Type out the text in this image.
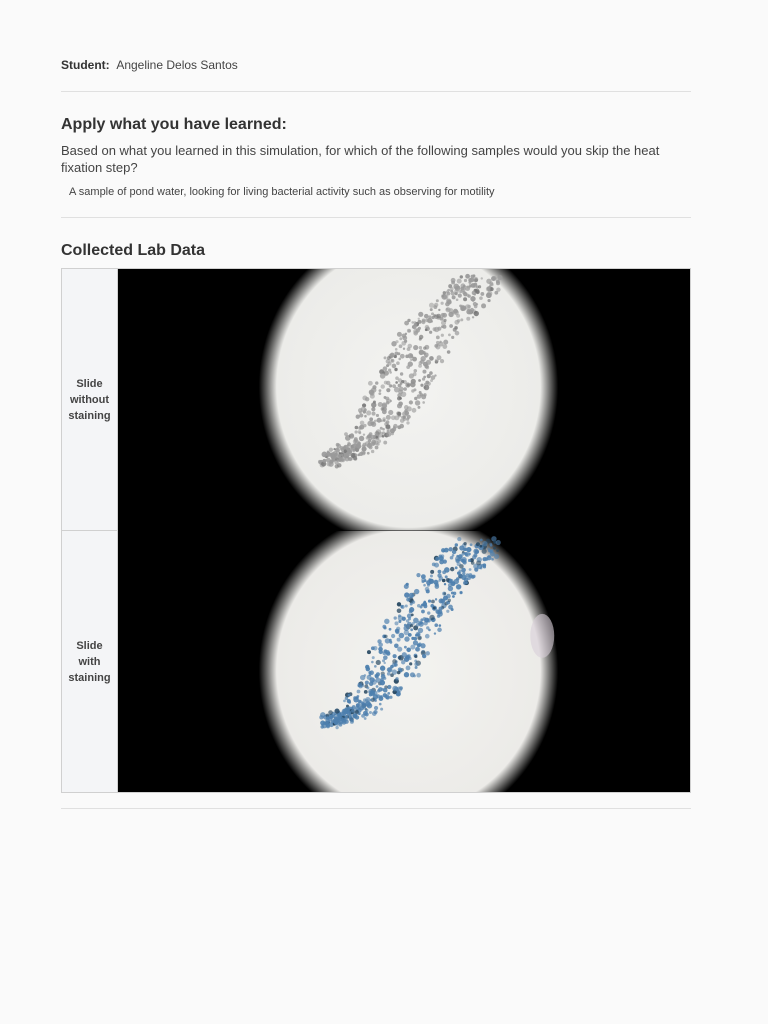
Student: Angeline Delos Santos
Apply what you have learned:
Based on what you learned in this simulation, for which of the following samples would you skip the heat fixation step?
A sample of pond water, looking for living bacterial activity such as observing for motility
Collected Lab Data
Slide
without
staining
Slide
with
staining
